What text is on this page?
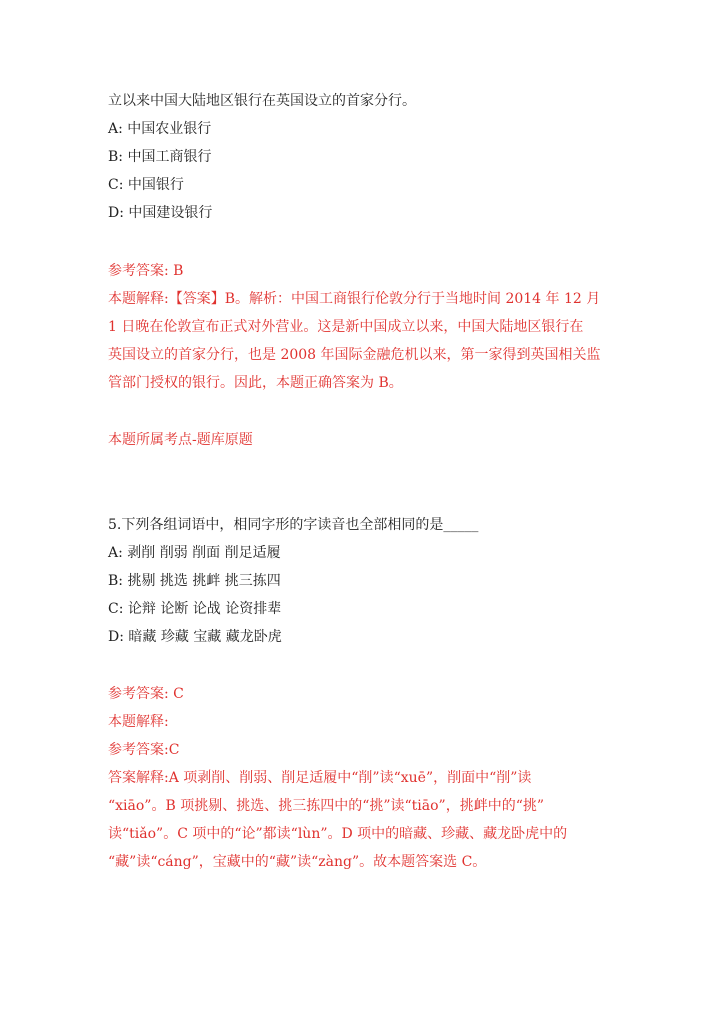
立以来中国大陆地区银行在英国设立的首家分行。
A: 中国农业银行
B: 中国工商银行
C: 中国银行
D: 中国建设银行
参考答案: B
本题解释:【答案】B。解析：中国工商银行伦敦分行于当地时间 2014 年 12 月
1 日晚在伦敦宣布正式对外营业。这是新中国成立以来，中国大陆地区银行在
英国设立的首家分行，也是 2008 年国际金融危机以来，第一家得到英国相关监
管部门授权的银行。因此，本题正确答案为 B。
本题所属考点-题库原题
5.下列各组词语中，相同字形的字读音也全部相同的是_____
A: 剥削 削弱 削面 削足适履
B: 挑剔 挑选 挑衅 挑三拣四
C: 论辩 论断 论战 论资排辈
D: 暗藏 珍藏 宝藏 藏龙卧虎
参考答案: C
本题解释:
参考答案:C
答案解释:A 项剥削、削弱、削足适履中“削”读“xuē”，削面中“削”读
“xiāo”。B 项挑剔、挑选、挑三拣四中的“挑”读“tiāo”，挑衅中的“挑”
读“tiǎo”。C 项中的“论”都读“lùn”。D 项中的暗藏、珍藏、藏龙卧虎中的
“藏”读“cáng”，宝藏中的“藏”读“zàng”。故本题答案选 C。
